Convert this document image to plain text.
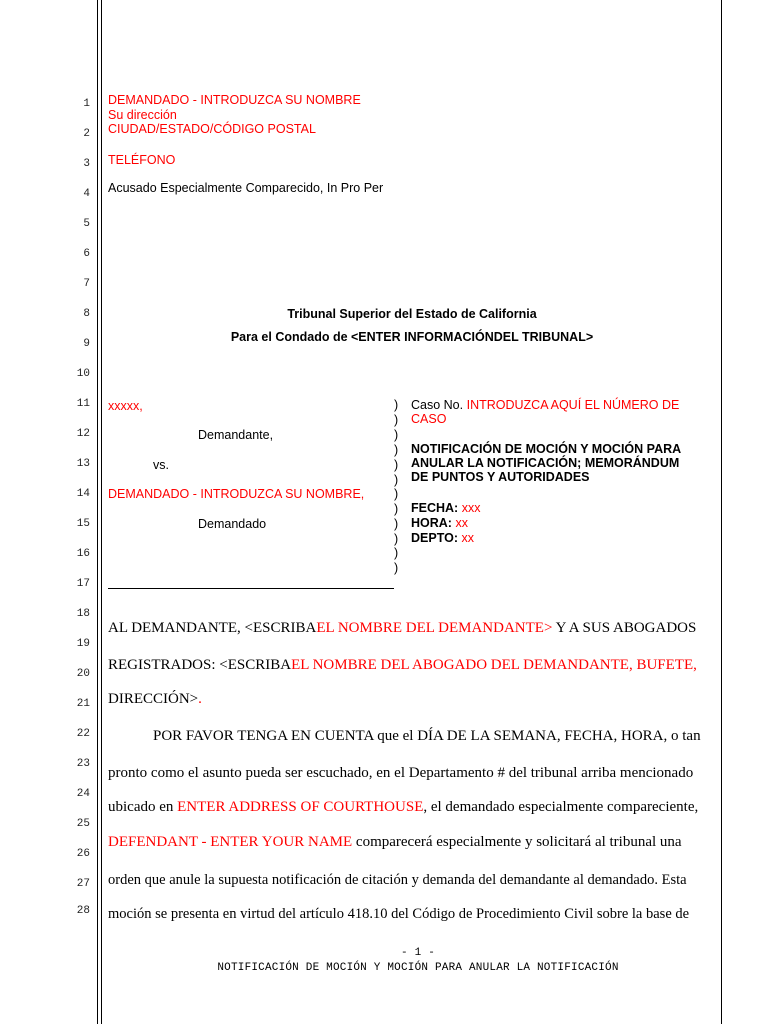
1
2
3
4
5
6
7
8
9
10
11
12
13
14
15
16
17
18
19
20
21
22
23
24
25
26
27
28
DEMANDADO - INTRODUZCA SU NOMBRE
Su dirección
CIUDAD/ESTADO/CÓDIGO POSTAL
TELÉFONO
Acusado Especialmente Comparecido, In Pro Per
Tribunal Superior del Estado de California
Para el Condado de <ENTER INFORMACIÓNDEL TRIBUNAL>
xxxxx,
Demandante,
vs.
DEMANDADO - INTRODUZCA SU NOMBRE,
Demandado
)
)
)
)
)
)
)
)
)
)
)
)
Caso No. INTRODUZCA AQUÍ EL NÚMERO DE
CASO
NOTIFICACIÓN DE MOCIÓN Y MOCIÓN PARA
ANULAR LA NOTIFICACIÓN; MEMORÁNDUM
DE PUNTOS Y AUTORIDADES
FECHA: xxx
HORA: xx
DEPTO: xx
AL DEMANDANTE, <ESCRIBAEL NOMBRE DEL DEMANDANTE> Y A SUS ABOGADOS
REGISTRADOS: <ESCRIBAEL NOMBRE DEL ABOGADO DEL DEMANDANTE, BUFETE,
DIRECCIÓN>.
POR FAVOR TENGA EN CUENTA que el DÍA DE LA SEMANA, FECHA, HORA, o tan
pronto como el asunto pueda ser escuchado, en el Departamento # del tribunal arriba mencionado
ubicado en ENTER ADDRESS OF COURTHOUSE, el demandado especialmente compareciente,
DEFENDANT - ENTER YOUR NAME comparecerá especialmente y solicitará al tribunal una
orden que anule la supuesta notificación de citación y demanda del demandante al demandado. Esta
moción se presenta en virtud del artículo 418.10 del Código de Procedimiento Civil sobre la base de
- 1 -
NOTIFICACIÓN DE MOCIÓN Y MOCIÓN PARA ANULAR LA NOTIFICACIÓN
